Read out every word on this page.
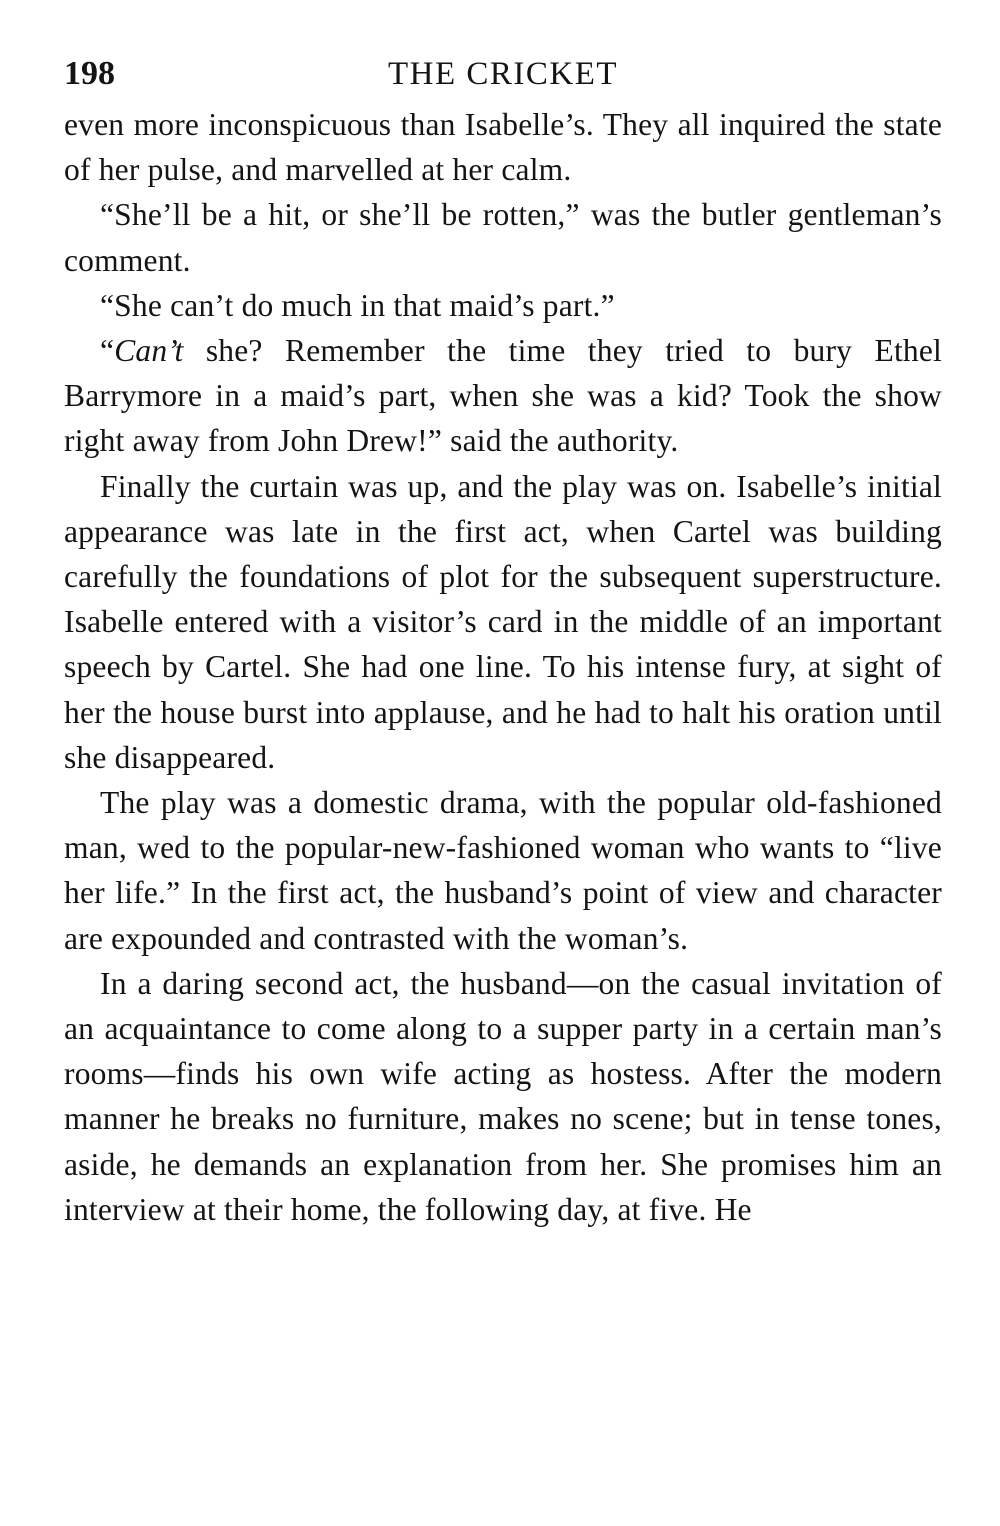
198	THE CRICKET

even more inconspicuous than Isabelle’s. They all inquired the state of her pulse, and marvelled at her calm.

“She’ll be a hit, or she’ll be rotten,” was the butler gentleman’s comment.

“She can’t do much in that maid’s part.”

“Can’t she? Remember the time they tried to bury Ethel Barrymore in a maid’s part, when she was a kid? Took the show right away from John Drew!” said the authority.

Finally the curtain was up, and the play was on. Isabelle’s initial appearance was late in the first act, when Cartel was building carefully the foundations of plot for the subsequent superstructure. Isabelle entered with a visitor’s card in the middle of an important speech by Cartel. She had one line. To his intense fury, at sight of her the house burst into applause, and he had to halt his oration until she disappeared.

The play was a domestic drama, with the popular old-fashioned man, wed to the popular-new-fashioned woman who wants to “live her life.” In the first act, the husband’s point of view and character are expounded and contrasted with the woman’s.

In a daring second act, the husband—on the casual invitation of an acquaintance to come along to a supper party in a certain man’s rooms—finds his own wife acting as hostess. After the modern manner he breaks no furniture, makes no scene; but in tense tones, aside, he demands an explanation from her. She promises him an interview at their home, the following day, at five. He
